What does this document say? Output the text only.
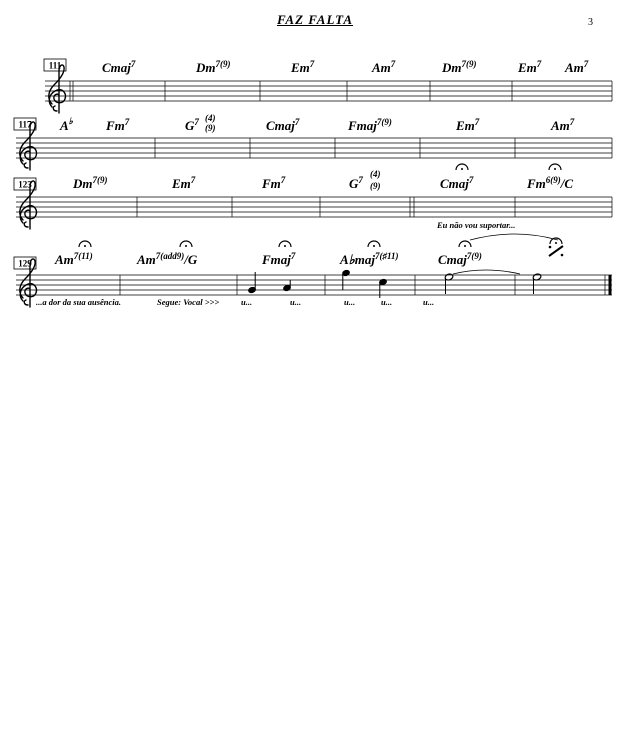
FAZ FALTA	3
111	Cmaj$^7$	$Dm^{7(9)}$	Em$^7$	Am$^7$	$Dm^{7(9)}$	Em$^7$ Am$^7$
117 A♭	Fm$^7$	$G^7$ (4)
(9)	Cmaj$^7$	Fmaj$^{7(9)}$	Em$^7$	Am$^7$
123	$Dm^{7(9)}$	Em$^7$	Fm$^7$	$G^7$
(4)
(9)	Cmaj$^7$	$Fm^{6(9)}/C$
Eu não vou suportar...
129 $Am^{7(11)}$	$Am^{7(add9)}/G$	Fmaj$^7$	A♭maj$^{7(♯11)}$	Cmaj$^{7(9)}$
...a dor da sua ausência.	Segue: Vocal >>>	u...	u...	u...	u...	u...
